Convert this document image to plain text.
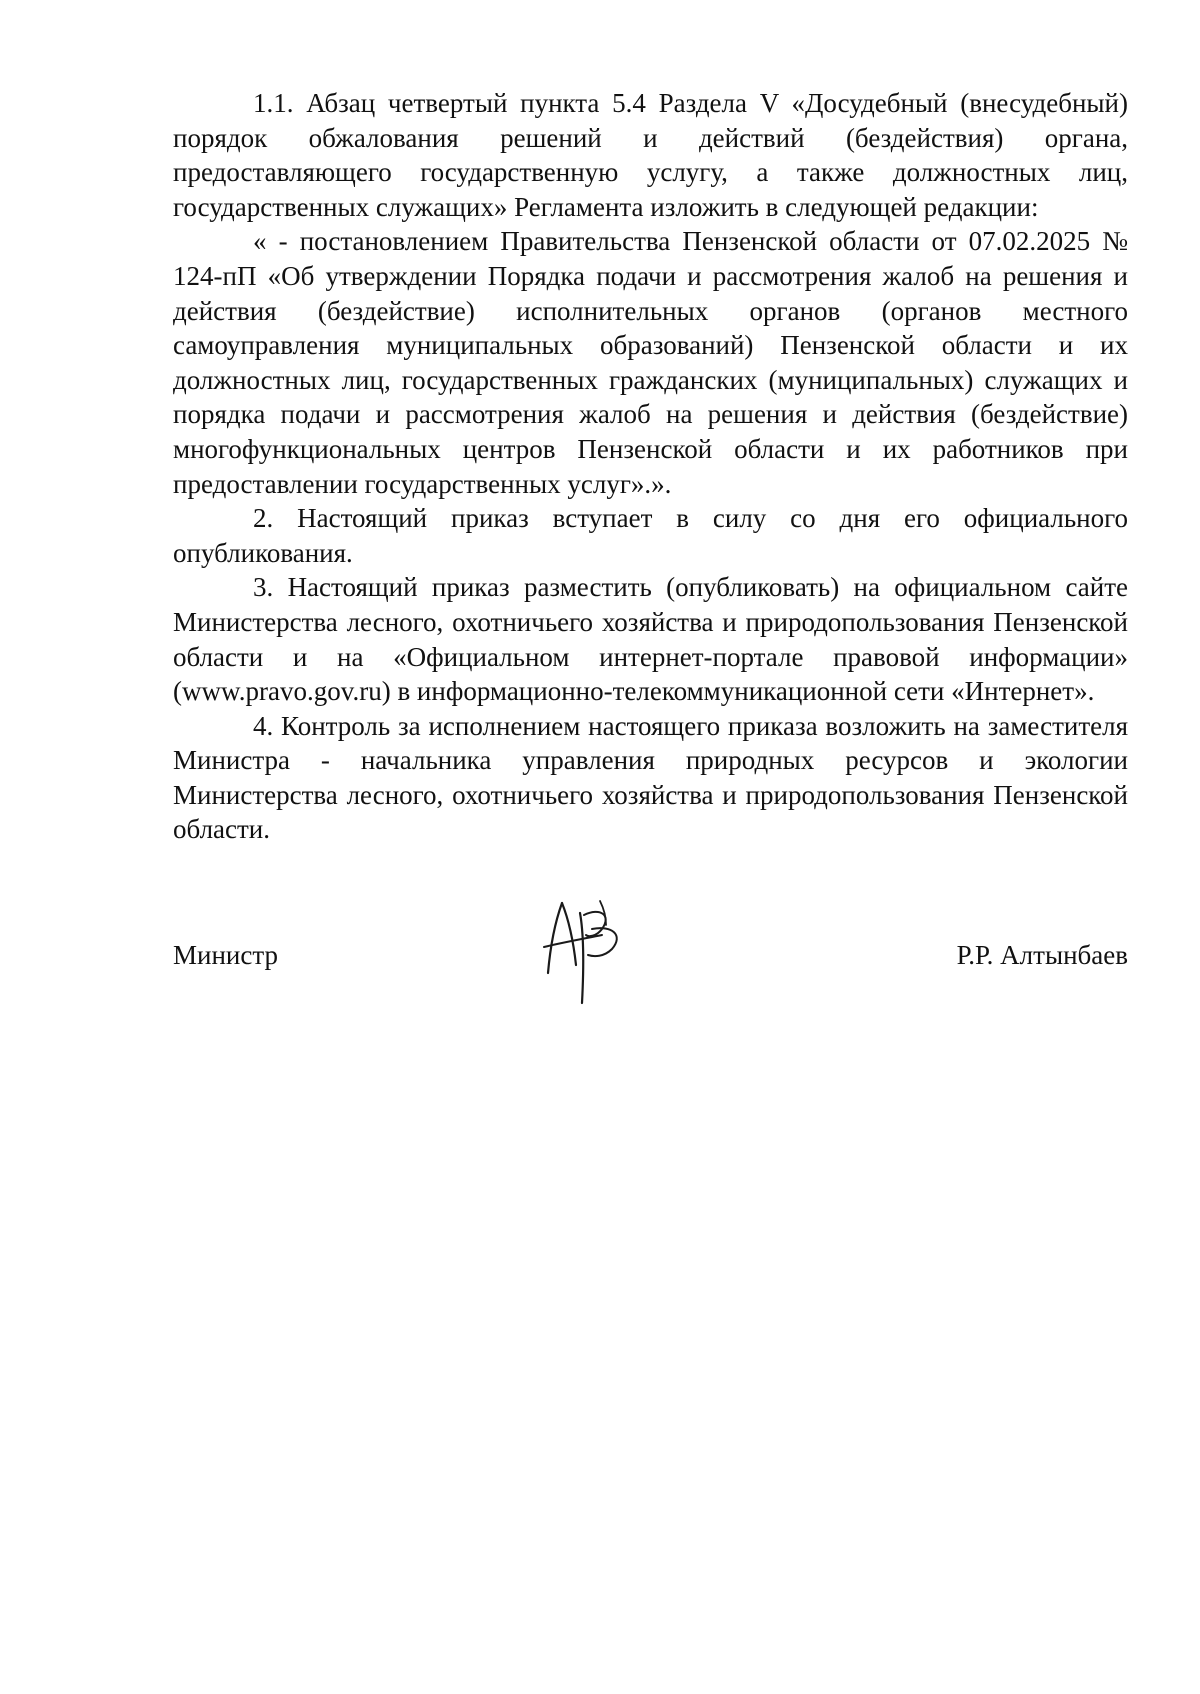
1.1. Абзац четвертый пункта 5.4 Раздела V «Досудебный (внесудебный) порядок обжалования решений и действий (бездействия) органа, предоставляющего государственную услугу, а также должностных лиц, государственных служащих» Регламента изложить в следующей редакции:

« - постановлением Правительства Пензенской области от 07.02.2025 № 124-пП «Об утверждении Порядка подачи и рассмотрения жалоб на решения и действия (бездействие) исполнительных органов (органов местного самоуправления муниципальных образований) Пензенской области и их должностных лиц, государственных гражданских (муниципальных) служащих и порядка подачи и рассмотрения жалоб на решения и действия (бездействие) многофункциональных центров Пензенской области и их работников при предоставлении государственных услуг».».

2. Настоящий приказ вступает в силу со дня его официального опубликования.

3. Настоящий приказ разместить (опубликовать) на официальном сайте Министерства лесного, охотничьего хозяйства и природопользования Пензенской области и на «Официальном интернет-портале правовой информации» (www.pravo.gov.ru) в информационно-телекоммуникационной сети «Интернет».

4. Контроль за исполнением настоящего приказа возложить на заместителя Министра - начальника управления природных ресурсов и экологии Министерства лесного, охотничьего хозяйства и природопользования Пензенской области.

Министр	Р.Р. Алтынбаев
